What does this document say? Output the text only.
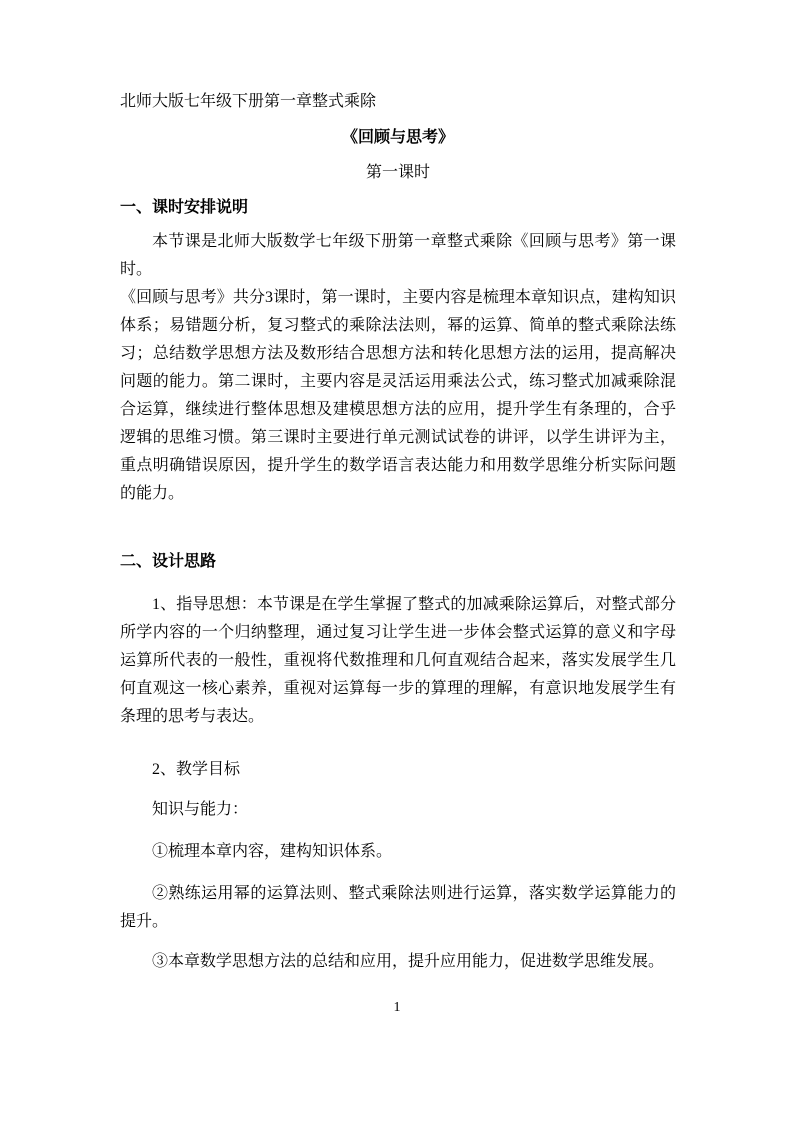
北师大版七年级下册第一章整式乘除
《回顾与思考》
第一课时
一、课时安排说明

本节课是北师大版数学七年级下册第一章整式乘除《回顾与思考》第一课时。

《回顾与思考》共分3课时，第一课时，主要内容是梳理本章知识点，建构知识体系；易错题分析，复习整式的乘除法法则，幂的运算、简单的整式乘除法练习；总结数学思想方法及数形结合思想方法和转化思想方法的运用，提高解决问题的能力。第二课时，主要内容是灵活运用乘法公式，练习整式加减乘除混合运算，继续进行整体思想及建模思想方法的应用，提升学生有条理的，合乎逻辑的思维习惯。第三课时主要进行单元测试试卷的讲评，以学生讲评为主，重点明确错误原因，提升学生的数学语言表达能力和用数学思维分析实际问题的能力。

二、设计思路

1、指导思想：本节课是在学生掌握了整式的加减乘除运算后，对整式部分所学内容的一个归纳整理，通过复习让学生进一步体会整式运算的意义和字母运算所代表的一般性，重视将代数推理和几何直观结合起来，落实发展学生几何直观这一核心素养，重视对运算每一步的算理的理解，有意识地发展学生有条理的思考与表达。

2、教学目标

知识与能力：

①梳理本章内容，建构知识体系。

②熟练运用幂的运算法则、整式乘除法则进行运算，落实数学运算能力的提升。

③本章数学思想方法的总结和应用，提升应用能力，促进数学思维发展。

1
